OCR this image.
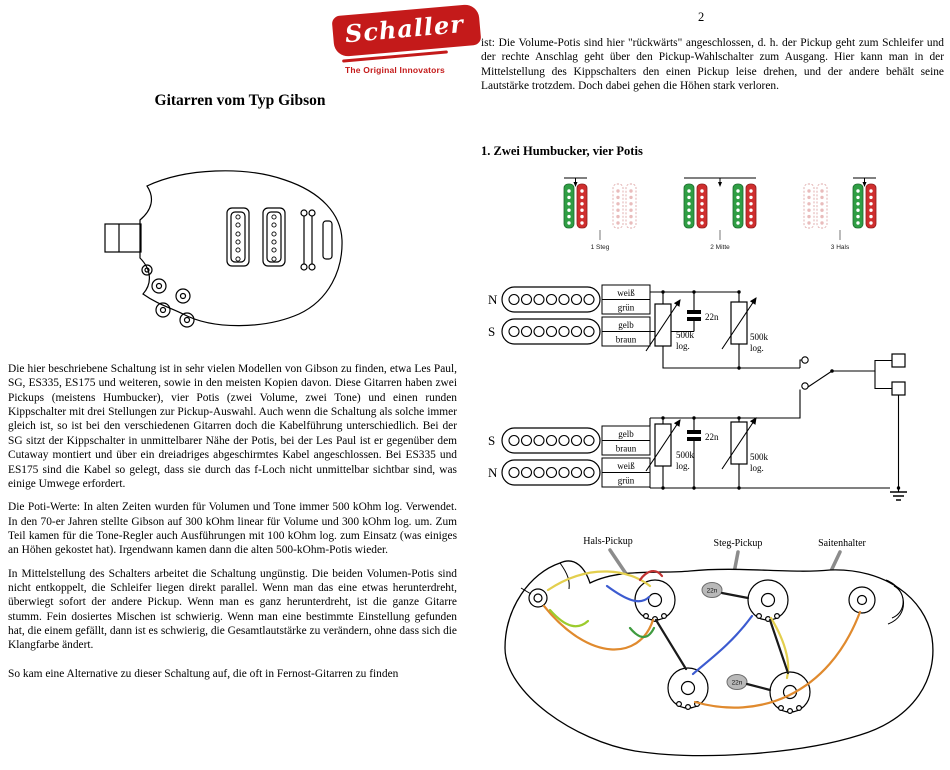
Schaller
The Original Innovators
2
Gitarren vom Typ Gibson

Die hier beschriebene Schaltung ist in sehr vielen Modellen von Gibson zu finden, etwa Les Paul, SG, ES335, ES175 und weiteren, sowie in den meisten Kopien davon. Diese Gitarren haben zwei Pickups (meistens Humbucker), vier Potis (zwei Volume, zwei Tone) und einen runden Kippschalter mit drei Stellungen zur Pickup-Auswahl. Auch wenn die Schaltung als solche immer gleich ist, so ist bei den verschiedenen Gitarren doch die Kabelführung unterschiedlich. Bei der SG sitzt der Kippschalter in unmittelbarer Nähe der Potis, bei der Les Paul ist er gegenüber dem Cutaway montiert und über ein dreiadriges abgeschirmtes Kabel angeschlossen. Bei ES335 und ES175 sind die Kabel so gelegt, dass sie durch das f-Loch nicht unmittelbar sichtbar sind, was einige Umwege erfordert.

Die Poti-Werte: In alten Zeiten wurden für Volumen und Tone immer 500 kOhm log. Verwendet. In den 70-er Jahren stellte Gibson auf 300 kOhm linear für Volume und 300 kOhm log. um. Zum Teil kamen für die Tone-Regler auch Ausführungen mit 100 kOhm log. zum Einsatz (was einiges an Höhen gekostet hat). Irgendwann kamen dann die alten 500-kOhm-Potis wieder.

In Mittelstellung des Schalters arbeitet die Schaltung ungünstig. Die beiden Volumen-Potis sind nicht entkoppelt, die Schleifer liegen direkt parallel. Wenn man das eine etwas herunterdreht, überwiegt sofort der andere Pickup. Wenn man es ganz herunterdreht, ist die ganze Gitarre stumm. Fein dosiertes Mischen ist schwierig. Wenn man eine bestimmte Einstellung gefunden hat, die einem gefällt, dann ist es schwierig, die Gesamtlautstärke zu verändern, ohne dass sich die Klangfarbe ändert.

So kam eine Alternative zu dieser Schaltung auf, die oft in Fernost-Gitarren zu finden

ist: Die Volume-Potis sind hier "rückwärts" angeschlossen, d. h. der Pickup geht zum Schleifer und der rechte Anschlag geht über den Pickup-Wahlschalter zum Ausgang. Hier kann man in der Mittelstellung des Kippschalters den einen Pickup leise drehen, und der andere behält seine Lautstärke trotzdem. Doch dabei gehen die Höhen stark verloren.

1. Zwei Humbucker, vier Potis
1 Steg	2 Mitte	3 Hals
N	weiß
grün
S	gelb
braun	500k
log.
22n
500k
log.
S	gelb
braun
N	weiß
grün
500k
log.
22n
500k
log.
Hals-Pickup	Steg-Pickup	Saitenhalter
22n
22n
